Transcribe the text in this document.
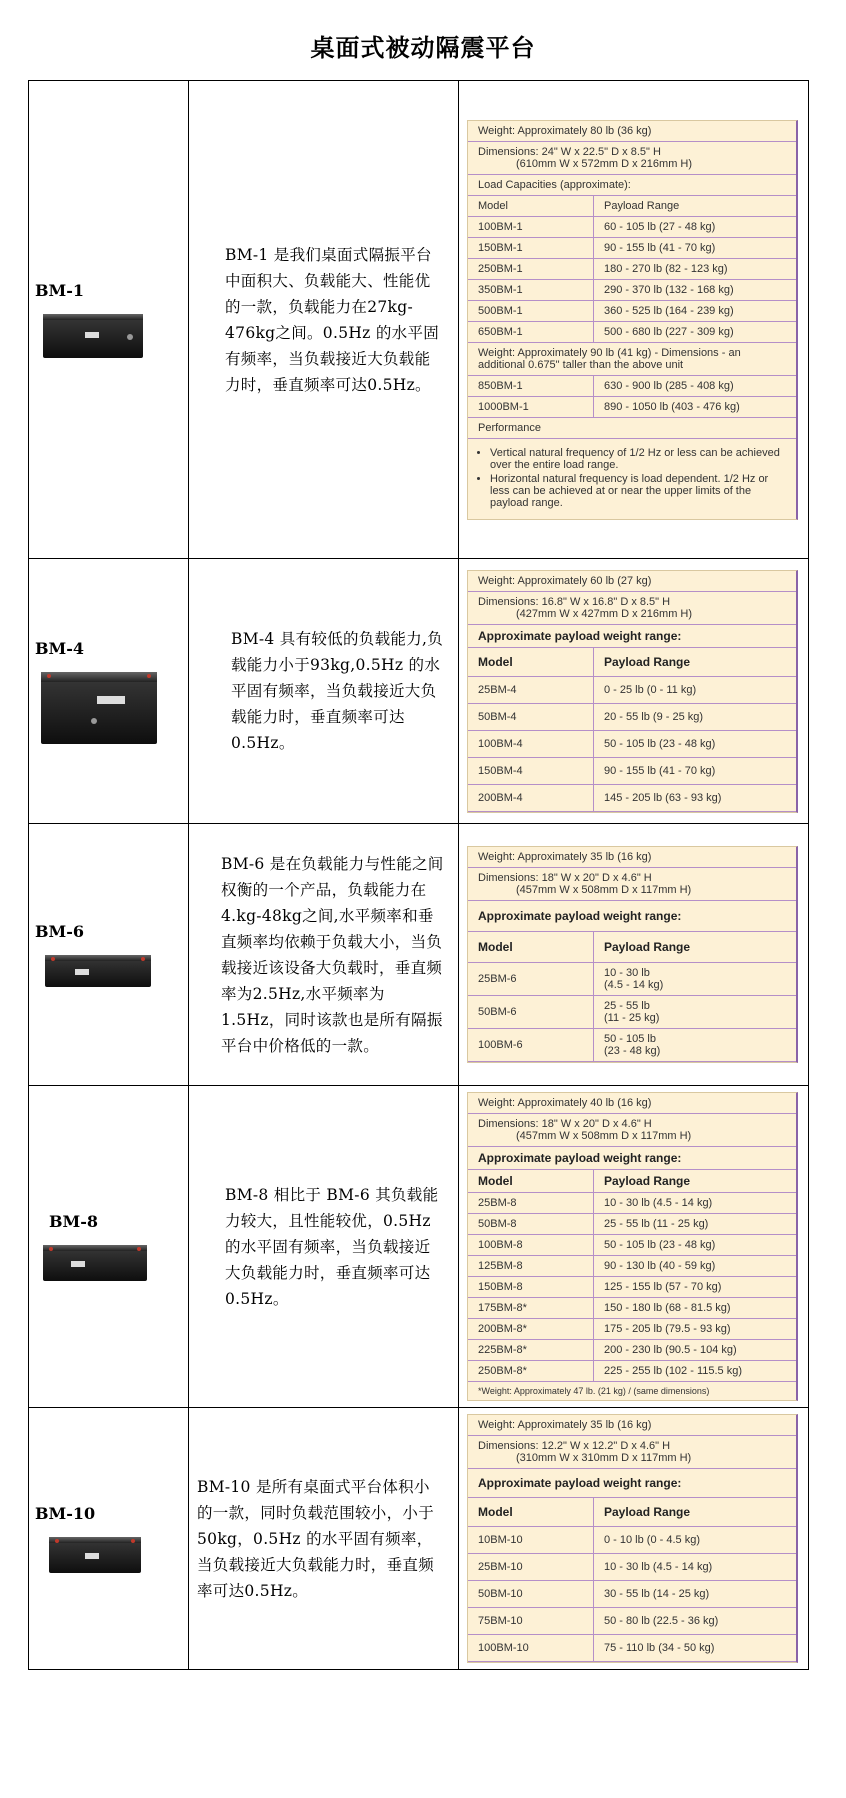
桌面式被动隔震平台
BM-1

BM-1 是我们桌面式隔振平台中面积大、负载能大、性能优的一款，负载能力在27kg-476kg之间。0.5Hz 的水平固有频率，当负载接近大负载能力时，垂直频率可达0.5Hz。

Weight: Approximately 80 lb (36 kg)
Dimensions: 24" W x 22.5" D x 8.5" H
(610mm W x 572mm D x 216mm H)

Load Capacities (approximate):
Model	Payload Range
100BM-1	60 - 105 lb (27 - 48 kg)
150BM-1	90 - 155 lb (41 - 70 kg)
250BM-1	180 - 270 lb (82 - 123 kg)
350BM-1	290 - 370 lb (132 - 168 kg)
500BM-1	360 - 525 lb (164 - 239 kg)
650BM-1	500 - 680 lb (227 - 309 kg)
Weight: Approximately 90 lb (41 kg) - Dimensions - an additional 0.675" taller than the above unit
850BM-1	630 - 900 lb (285 - 408 kg)
1000BM-1	890 - 1050 lb (403 - 476 kg)
Performance

• Vertical natural frequency of 1/2 Hz or less can be achieved over the entire load range.
• Horizontal natural frequency is load dependent. 1/2 Hz or less can be achieved at or near the upper limits of the payload range.

BM-4	BM-4 具有较低的负载能力,负载能力小于93kg,0.5Hz 的水平固有频率，当负载接近大负载能力时，垂直频率可达0.5Hz。

Weight: Approximately 60 lb (27 kg)
Dimensions: 16.8" W x 16.8" D x 8.5" H
(427mm W x 427mm D x 216mm H)

Approximate payload weight range:
Model	Payload Range
25BM-4	0 - 25 lb (0 - 11 kg)
50BM-4	20 - 55 lb (9 - 25 kg)
100BM-4	50 - 105 lb (23 - 48 kg)
150BM-4	90 - 155 lb (41 - 70 kg)
200BM-4	145 - 205 lb (63 - 93 kg)

BM-6

BM-6 是在负载能力与性能之间权衡的一个产品，负载能力在4.kg-48kg之间,水平频率和垂直频率均依赖于负载大小，当负载接近该设备大负载时，垂直频率为2.5Hz,水平频率为1.5Hz，同时该款也是所有隔振平台中价格低的一款。

Weight: Approximately 35 lb (16 kg)
Dimensions: 18" W x 20" D x 4.6" H
(457mm W x 508mm D x 117mm H)

Approximate payload weight range:
Model	Payload Range
25BM-6	10 - 30 lb
(4.5 - 14 kg)
50BM-6	25 - 55 lb
(11 - 25 kg)
100BM-6	50 - 105 lb
(23 - 48 kg)

BM-8

BM-8 相比于 BM-6 其负载能力较大，且性能较优，0.5Hz 的水平固有频率，当负载接近大负载能力时，垂直频率可达0.5Hz。

Weight: Approximately 40 lb (16 kg)
Dimensions: 18" W x 20" D x 4.6" H
(457mm W x 508mm D x 117mm H)

Approximate payload weight range:
Model	Payload Range
25BM-8	10 - 30 lb (4.5 - 14 kg)
50BM-8	25 - 55 lb (11 - 25 kg)
100BM-8	50 - 105 lb (23 - 48 kg)
125BM-8	90 - 130 lb (40 - 59 kg)
150BM-8	125 - 155 lb (57 - 70 kg)
175BM-8*	150 - 180 lb (68 - 81.5 kg)
200BM-8*	175 - 205 lb (79.5 - 93 kg)
225BM-8*	200 - 230 lb (90.5 - 104 kg)
250BM-8*	225 - 255 lb (102 - 115.5 kg)
*Weight: Approximately 47 lb. (21 kg) / (same dimensions)

BM-10

BM-10 是所有桌面式平台体积小的一款，同时负载范围较小，小于 50kg，0.5Hz 的水平固有频率，当负载接近大负载能力时，垂直频率可达0.5Hz。

Weight: Approximately 35 lb (16 kg)
Dimensions: 12.2" W x 12.2" D x 4.6" H
(310mm W x 310mm D x 117mm H)

Approximate payload weight range:
Model	Payload Range
10BM-10	0 - 10 lb (0 - 4.5 kg)
25BM-10	10 - 30 lb (4.5 - 14 kg)
50BM-10	30 - 55 lb (14 - 25 kg)
75BM-10	50 - 80 lb (22.5 - 36 kg)
100BM-10	75 - 110 lb (34 - 50 kg)
